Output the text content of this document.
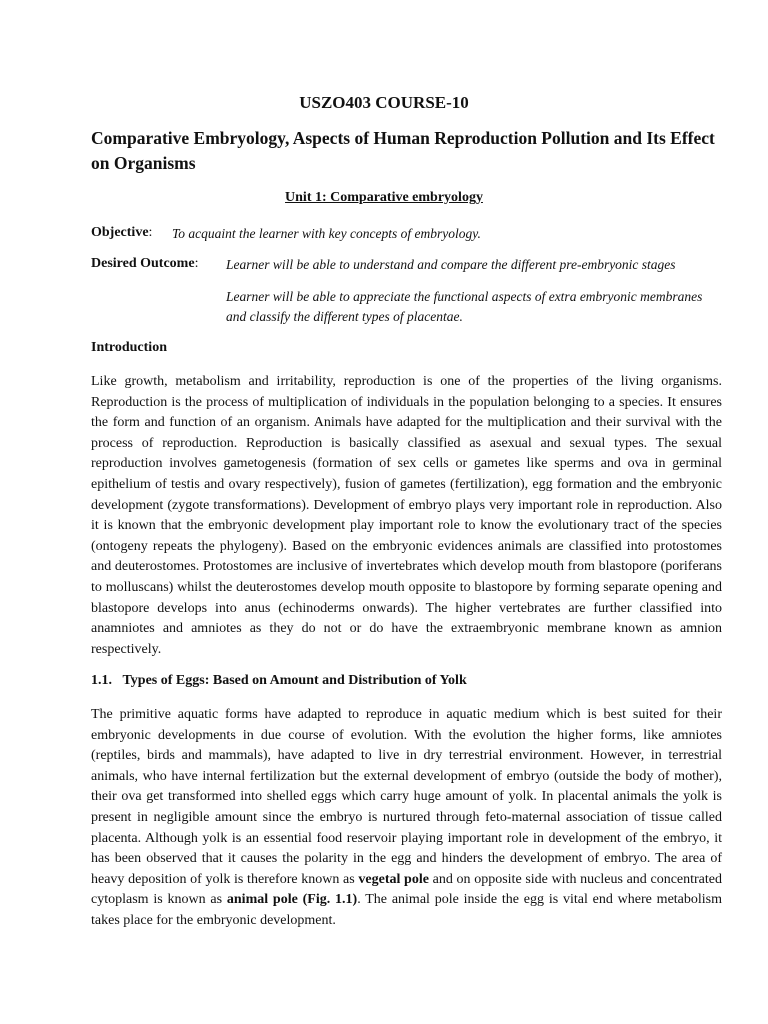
USZO403 COURSE-10
Comparative Embryology, Aspects of Human Reproduction Pollution and Its Effect on Organisms
Unit 1: Comparative embryology
Objective: To acquaint the learner with key concepts of embryology.
Desired Outcome: Learner will be able to understand and compare the different pre-embryonic stages
Learner will be able to appreciate the functional aspects of extra embryonic membranes and classify the different types of placentae.
Introduction

Like growth, metabolism and irritability, reproduction is one of the properties of the living organisms. Reproduction is the process of multiplication of individuals in the population belonging to a species. It ensures the form and function of an organism. Animals have adapted for the multiplication and their survival with the process of reproduction. Reproduction is basically classified as asexual and sexual types. The sexual reproduction involves gametogenesis (formation of sex cells or gametes like sperms and ova in germinal epithelium of testis and ovary respectively), fusion of gametes (fertilization), egg formation and the embryonic development (zygote transformations). Development of embryo plays very important role in reproduction. Also it is known that the embryonic development play important role to know the evolutionary tract of the species (ontogeny repeats the phylogeny). Based on the embryonic evidences animals are classified into protostomes and deuterostomes. Protostomes are inclusive of invertebrates which develop mouth from blastopore (poriferans to molluscans) whilst the deuterostomes develop mouth opposite to blastopore by forming separate opening and blastopore develops into anus (echinoderms onwards). The higher vertebrates are further classified into anamniotes and amniotes as they do not or do have the extraembryonic membrane known as amnion respectively.

1.1. Types of Eggs: Based on Amount and Distribution of Yolk

The primitive aquatic forms have adapted to reproduce in aquatic medium which is best suited for their embryonic developments in due course of evolution. With the evolution the higher forms, like amniotes (reptiles, birds and mammals), have adapted to live in dry terrestrial environment. However, in terrestrial animals, who have internal fertilization but the external development of embryo (outside the body of mother), their ova get transformed into shelled eggs which carry huge amount of yolk. In placental animals the yolk is present in negligible amount since the embryo is nurtured through feto-maternal association of tissue called placenta. Although yolk is an essential food reservoir playing important role in development of the embryo, it has been observed that it causes the polarity in the egg and hinders the development of embryo. The area of heavy deposition of yolk is therefore known as vegetal pole and on opposite side with nucleus and concentrated cytoplasm is known as animal pole (Fig. 1.1). The animal pole inside the egg is vital end where metabolism takes place for the embryonic development.
